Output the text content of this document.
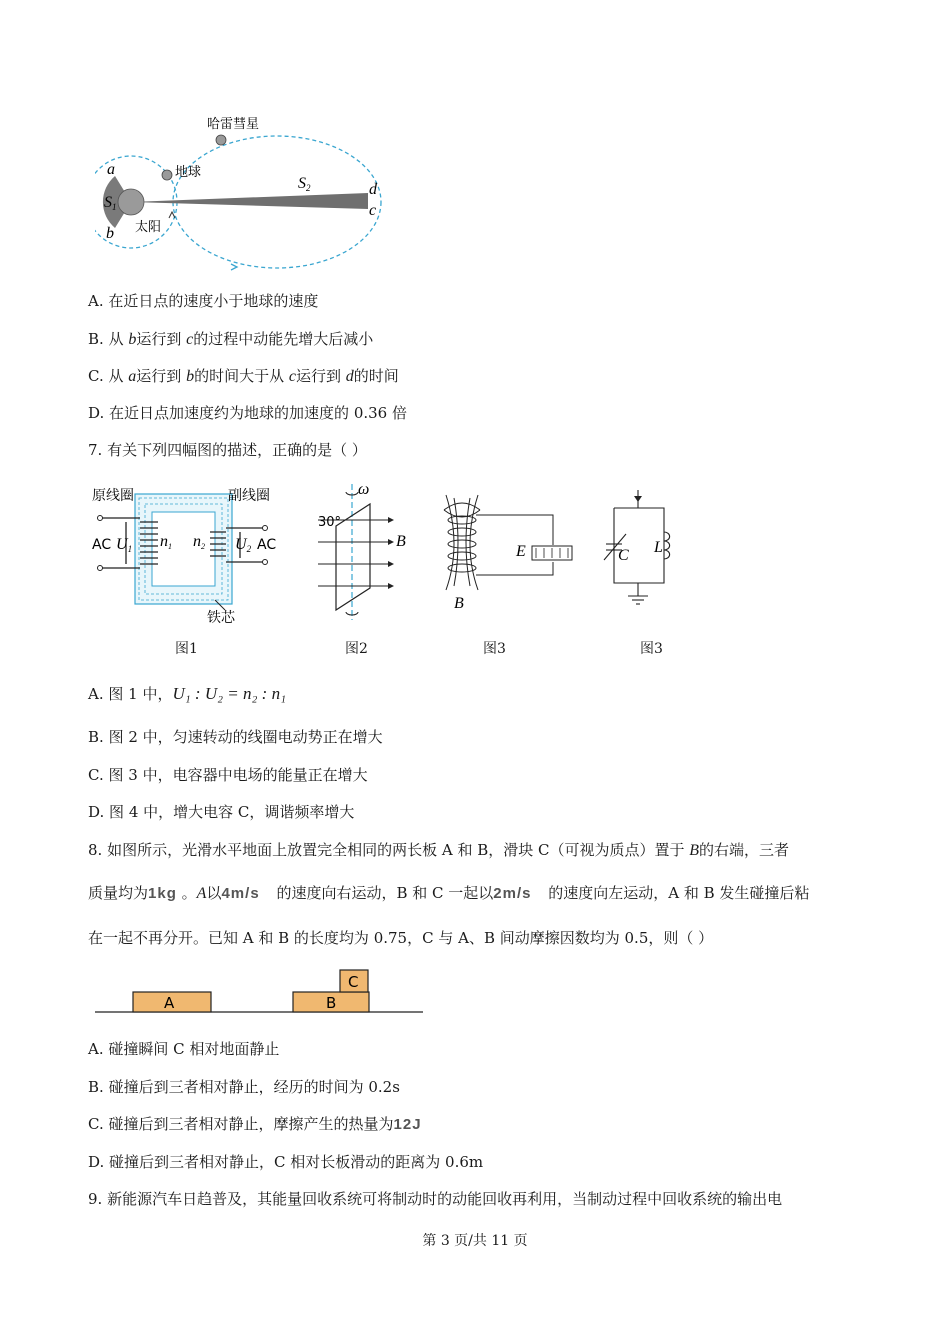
哈雷彗星
地球
太阳
a
b
d
c
S1
S2
A. 在近日点的速度小于地球的速度
B. 从 b运行到 c的过程中动能先增大后减小
C. 从 a运行到 b的时间大于从 c运行到 d的时间
D. 在近日点加速度约为地球的加速度的 0.36 倍
7. 有关下列四幅图的描述，正确的是（ ）
原线圈	副线圈
AC U1 n1 n2 U2 AC
铁芯
图1
30°
ω
B
图2
E
B
图3
C L
图3
A. 图 1 中，U₁ : U₂ = n₂ : n₁
B. 图 2 中，匀速转动的线圈电动势正在增大
C. 图 3 中，电容器中电场的能量正在增大
D. 图 4 中，增大电容 C，调谐频率增大
8. 如图所示，光滑水平地面上放置完全相同的两长板 A 和 B，滑块 C（可视为质点）置于 B的右端，三者
质量均为1kg 。A以4m/s 的速度向右运动，B 和 C 一起以2m/s 的速度向左运动，A 和 B 发生碰撞后粘
在一起不再分开。已知 A 和 B 的长度均为 0.75，C 与 A、B 间动摩擦因数均为 0.5，则（ ）
A	B
C
A. 碰撞瞬间 C 相对地面静止
B. 碰撞后到三者相对静止，经历的时间为 0.2s
C. 碰撞后到三者相对静止，摩擦产生的热量为12J
D. 碰撞后到三者相对静止，C 相对长板滑动的距离为 0.6m
9. 新能源汽车日趋普及，其能量回收系统可将制动时的动能回收再利用，当制动过程中回收系统的输出电
第 3 页/共 11 页
